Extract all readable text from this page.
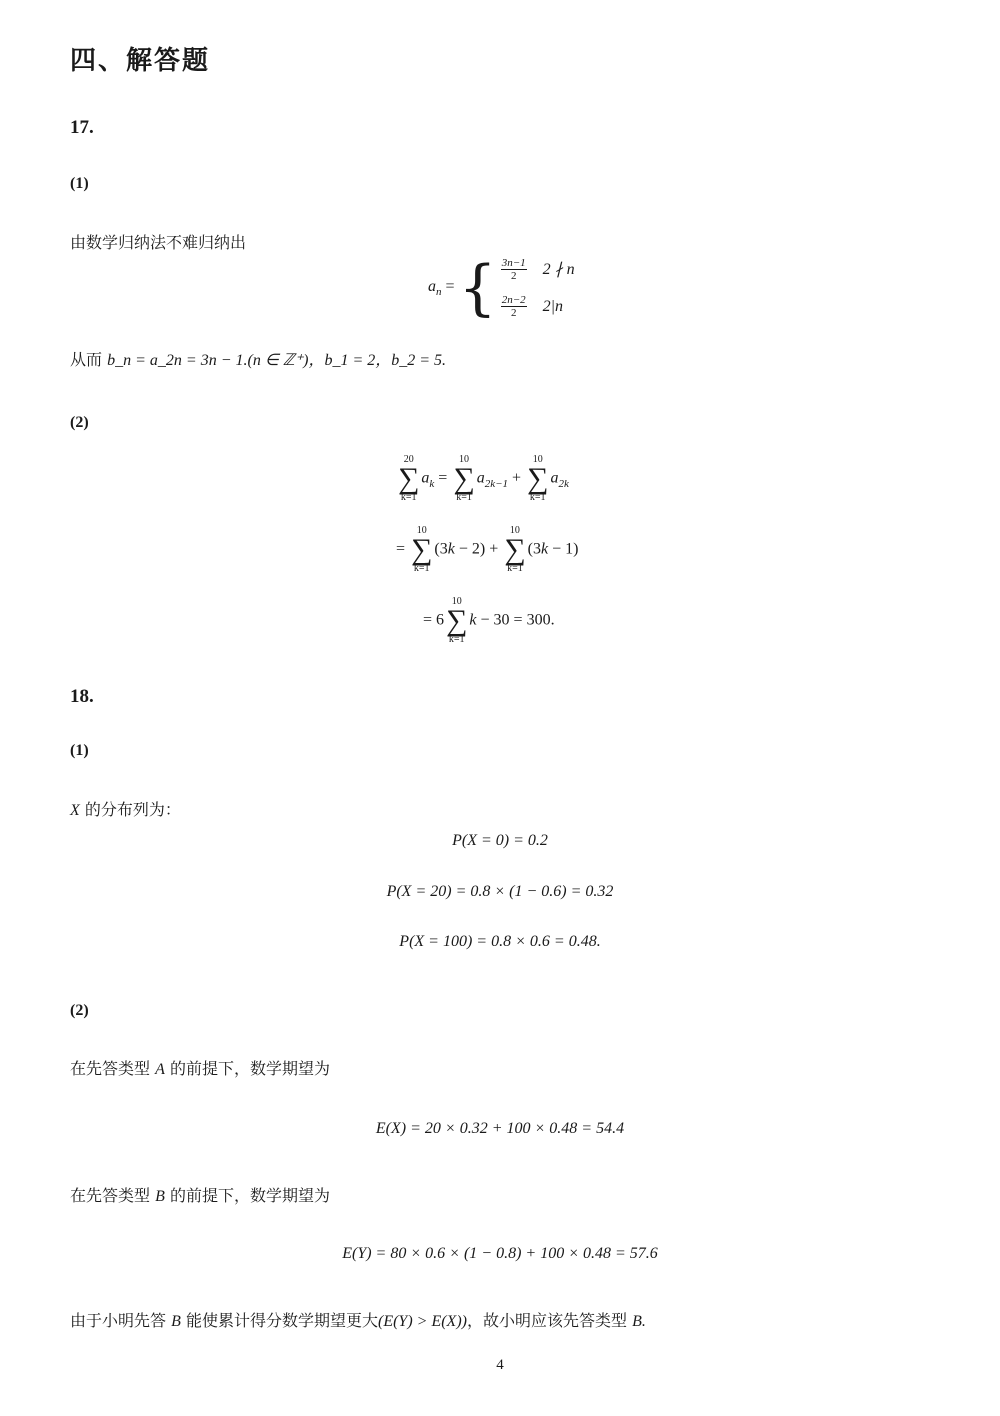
四、解答题
17.
(1)
由数学归纳法不难归纳出
$a_n$ = { $\frac{3n-1}{2} 2$ ∤ n
$\frac{2n-2}{2} 2|n$
从而 b_n = a_2n = 3n − 1.(n ∈ ℤ⁺)，b_1 = 2，b_2 = 5.
(2)
20
∑
k=1
$a_k$ =
10
∑
k=1
$a_{2k-1}$ +
10
∑
k=1
$a_{2k}$
=
10
∑
k=1
(3k − 2) +
10
∑
k=1
(3k − 1)
= 6
10
∑
k=1
k − 30 = 300.
18.
(1)
X 的分布列为：
P(X = 0) = 0.2
P(X = 20) = 0.8 × (1 − 0.6) = 0.32
P(X = 100) = 0.8 × 0.6 = 0.48.
(2)
在先答类型 A 的前提下，数学期望为
E(X) = 20 × 0.32 + 100 × 0.48 = 54.4
在先答类型 B 的前提下，数学期望为
E(Y) = 80 × 0.6 × (1 − 0.8) + 100 × 0.48 = 57.6
由于小明先答 B 能使累计得分数学期望更大(E(Y) > E(X))，故小明应该先答类型 B.
4
